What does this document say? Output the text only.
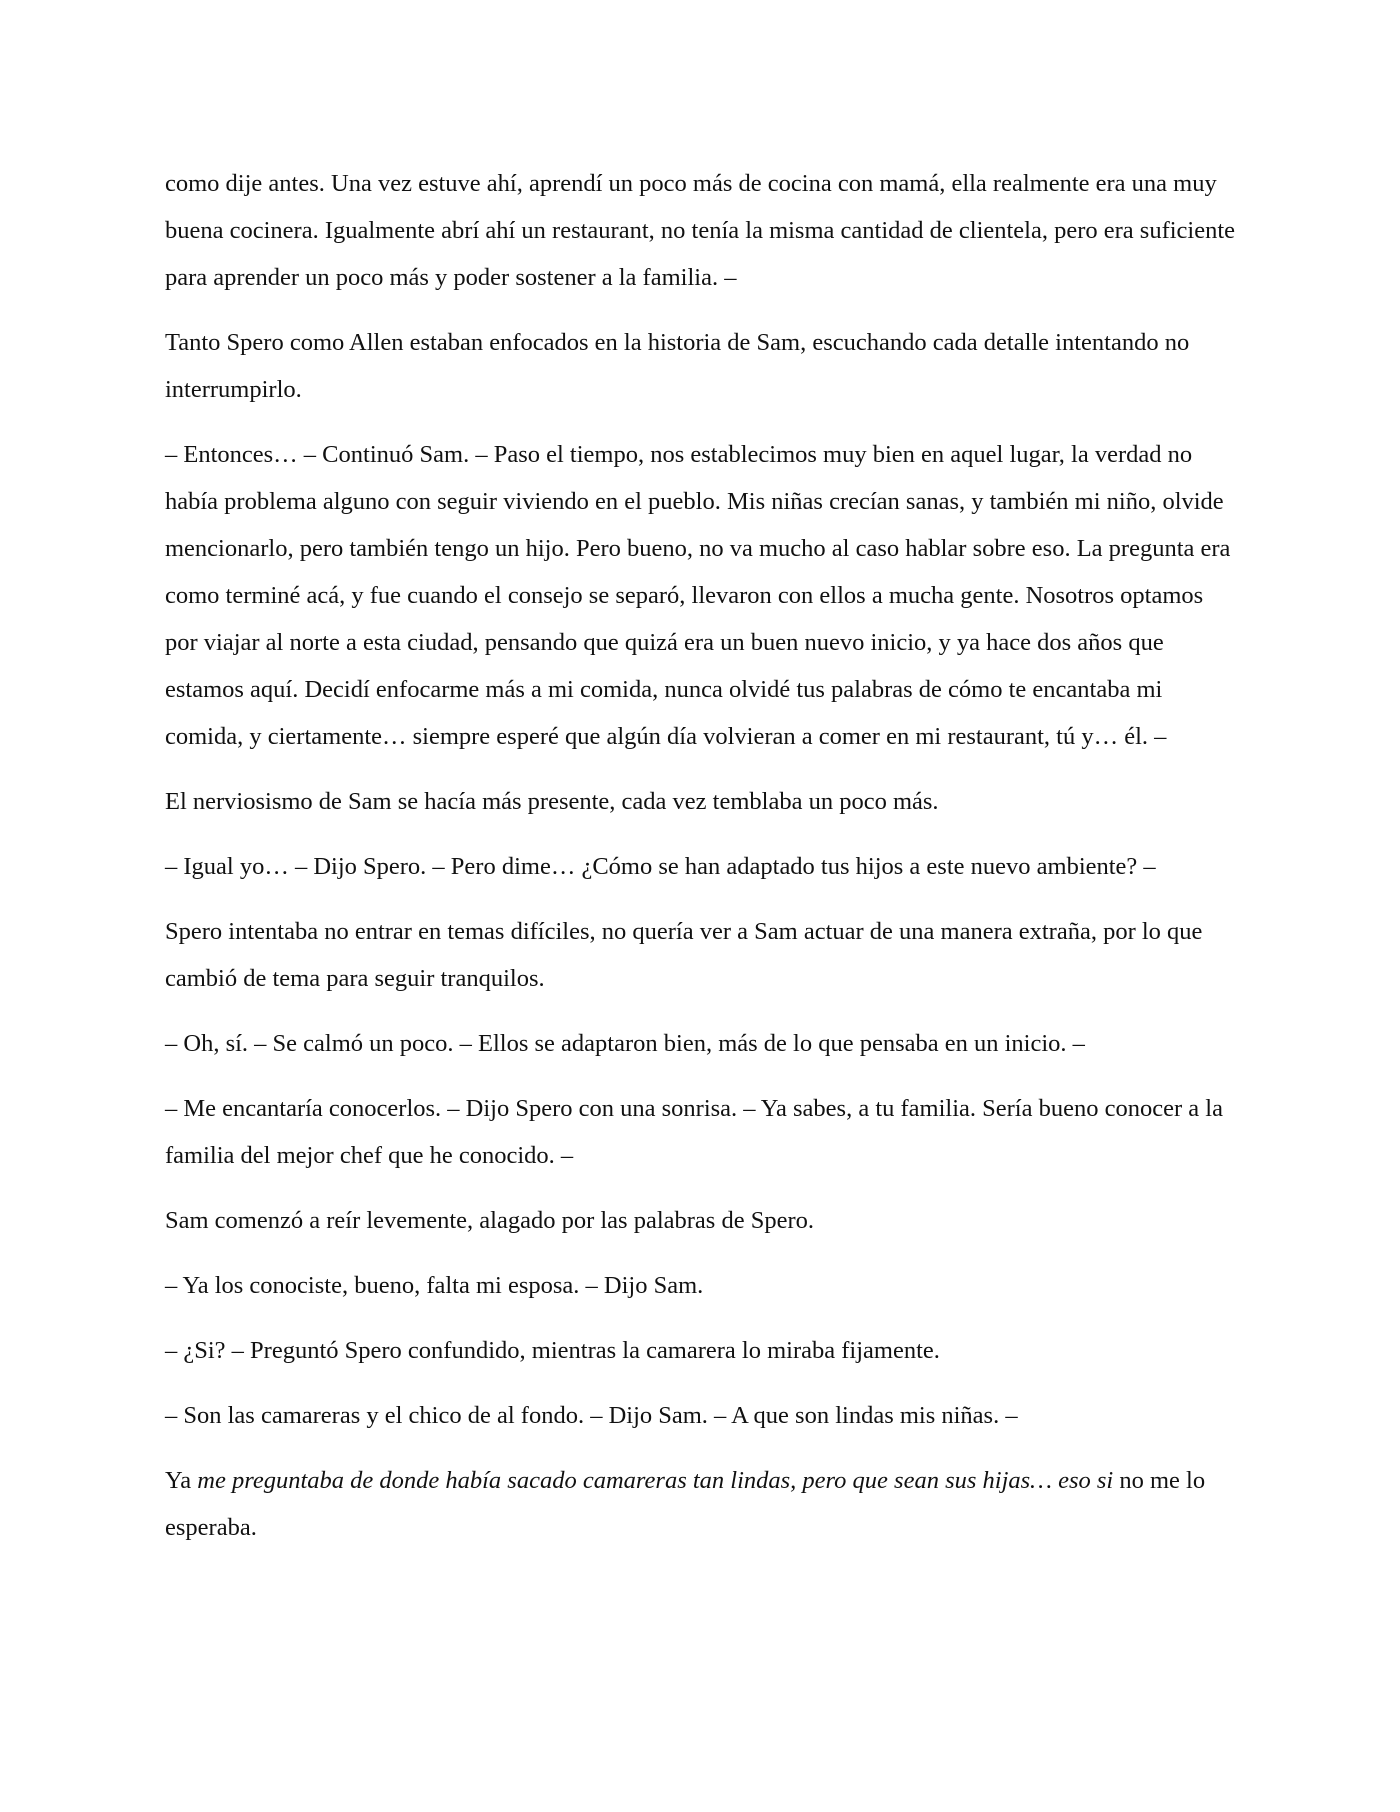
como dije antes. Una vez estuve ahí, aprendí un poco más de cocina con mamá, ella realmente era una muy buena cocinera. Igualmente abrí ahí un restaurant, no tenía la misma cantidad de clientela, pero era suficiente para aprender un poco más y poder sostener a la familia. –

Tanto Spero como Allen estaban enfocados en la historia de Sam, escuchando cada detalle intentando no interrumpirlo.

– Entonces… – Continuó Sam. – Paso el tiempo, nos establecimos muy bien en aquel lugar, la verdad no había problema alguno con seguir viviendo en el pueblo. Mis niñas crecían sanas, y también mi niño, olvide mencionarlo, pero también tengo un hijo. Pero bueno, no va mucho al caso hablar sobre eso. La pregunta era como terminé acá, y fue cuando el consejo se separó, llevaron con ellos a mucha gente. Nosotros optamos por viajar al norte a esta ciudad, pensando que quizá era un buen nuevo inicio, y ya hace dos años que estamos aquí. Decidí enfocarme más a mi comida, nunca olvidé tus palabras de cómo te encantaba mi comida, y ciertamente… siempre esperé que algún día volvieran a comer en mi restaurant, tú y… él. –

El nerviosismo de Sam se hacía más presente, cada vez temblaba un poco más.

– Igual yo… – Dijo Spero. – Pero dime… ¿Cómo se han adaptado tus hijos a este nuevo ambiente? –

Spero intentaba no entrar en temas difíciles, no quería ver a Sam actuar de una manera extraña, por lo que cambió de tema para seguir tranquilos.

– Oh, sí. – Se calmó un poco. – Ellos se adaptaron bien, más de lo que pensaba en un inicio. –

– Me encantaría conocerlos. – Dijo Spero con una sonrisa. – Ya sabes, a tu familia. Sería bueno conocer a la familia del mejor chef que he conocido. –

Sam comenzó a reír levemente, alagado por las palabras de Spero.

– Ya los conociste, bueno, falta mi esposa. – Dijo Sam.

– ¿Si? – Preguntó Spero confundido, mientras la camarera lo miraba fijamente.

– Son las camareras y el chico de al fondo. – Dijo Sam. – A que son lindas mis niñas. –

Ya me preguntaba de donde había sacado camareras tan lindas, pero que sean sus hijas… eso si no me lo esperaba.
